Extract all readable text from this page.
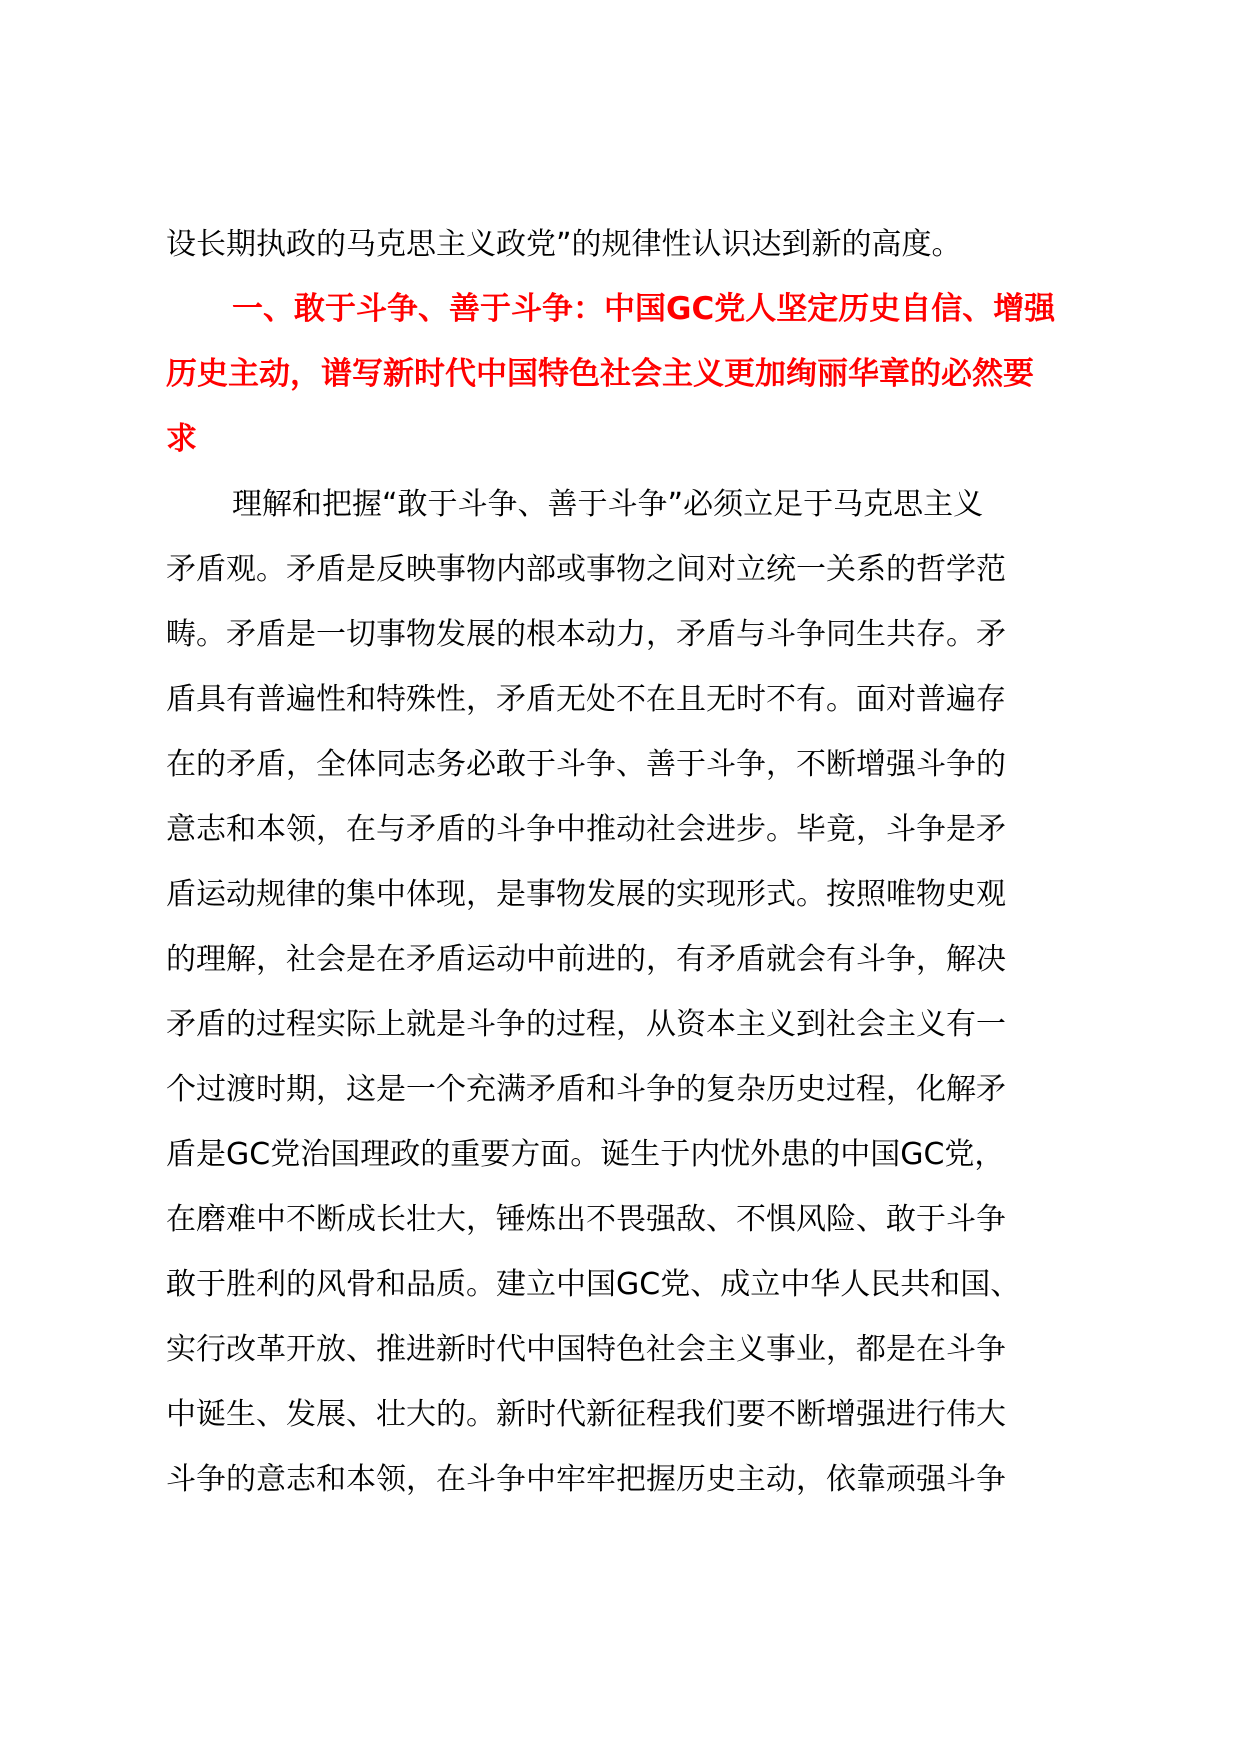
设长期执政的马克思主义政党”的规律性认识达到新的高度。
一、敢于斗争、善于斗争：中国GC党人坚定历史自信、增强
历史主动，谱写新时代中国特色社会主义更加绚丽华章的必然要
求
理解和把握“敢于斗争、善于斗争”必须立足于马克思主义
矛盾观。矛盾是反映事物内部或事物之间对立统一关系的哲学范
畴。矛盾是一切事物发展的根本动力，矛盾与斗争同生共存。矛
盾具有普遍性和特殊性，矛盾无处不在且无时不有。面对普遍存
在的矛盾，全体同志务必敢于斗争、善于斗争，不断增强斗争的
意志和本领，在与矛盾的斗争中推动社会进步。毕竟，斗争是矛
盾运动规律的集中体现，是事物发展的实现形式。按照唯物史观
的理解，社会是在矛盾运动中前进的，有矛盾就会有斗争，解决
矛盾的过程实际上就是斗争的过程，从资本主义到社会主义有一
个过渡时期，这是一个充满矛盾和斗争的复杂历史过程，化解矛
盾是GC党治国理政的重要方面。诞生于内忧外患的中国GC党，
在磨难中不断成长壮大，锤炼出不畏强敌、不惧风险、敢于斗争
敢于胜利的风骨和品质。建立中国GC党、成立中华人民共和国、
实行改革开放、推进新时代中国特色社会主义事业，都是在斗争
中诞生、发展、壮大的。新时代新征程我们要不断增强进行伟大
斗争的意志和本领，在斗争中牢牢把握历史主动，依靠顽强斗争
